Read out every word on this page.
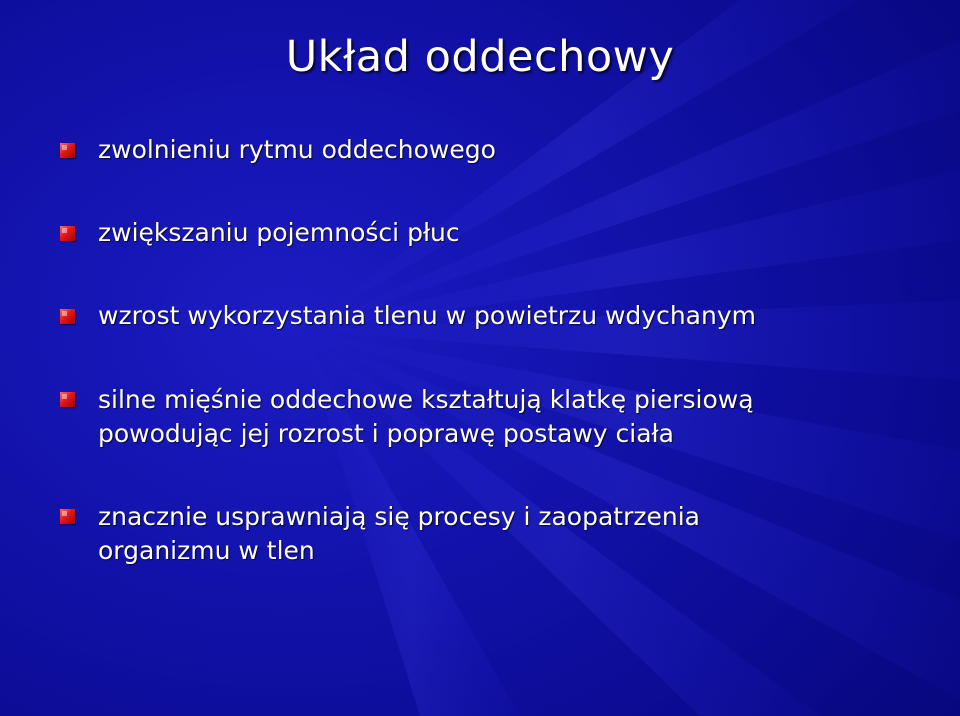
Układ oddechowy
zwolnieniu rytmu oddechowego
zwiększaniu pojemności płuc
wzrost wykorzystania tlenu w powietrzu wdychanym
silne mięśnie oddechowe kształtują klatkę piersiową powodując jej rozrost i poprawę postawy ciała
znacznie usprawniają się procesy i zaopatrzenia organizmu w tlen
